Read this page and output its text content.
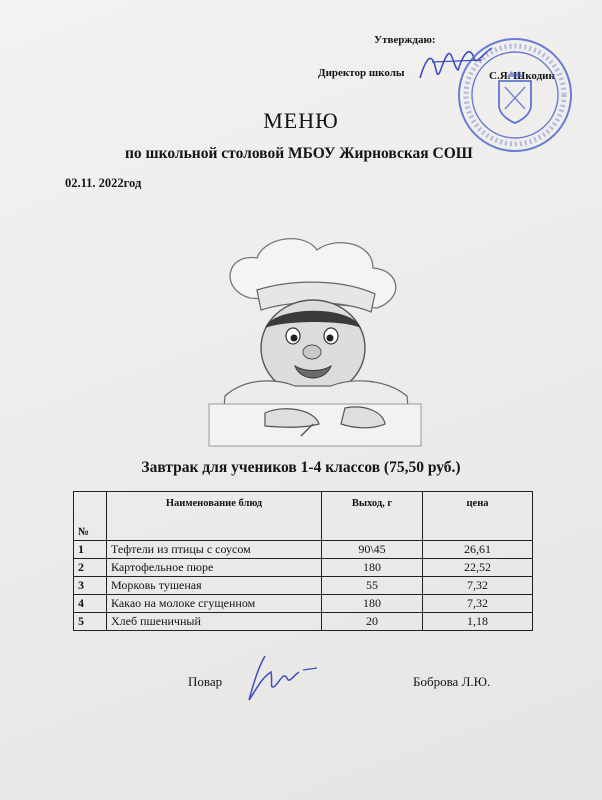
Утверждаю:
Директор школы	С.Я. Шкодин
МЕНЮ
по школьной столовой МБОУ Жирновская СОШ
02.11. 2022год
Завтрак для учеников 1-4 классов (75,50 руб.)
№	Наименование блюд	Выход, г	цена
1	Тефтели из птицы с соусом	90\45	26,61
2	Картофельное пюре	180	22,52
3	Морковь тушеная	55	7,32
4	Какао на молоке сгущенном	180	7,32
5	Хлеб пшеничный	20	1,18
Повар	Боброва Л.Ю.
